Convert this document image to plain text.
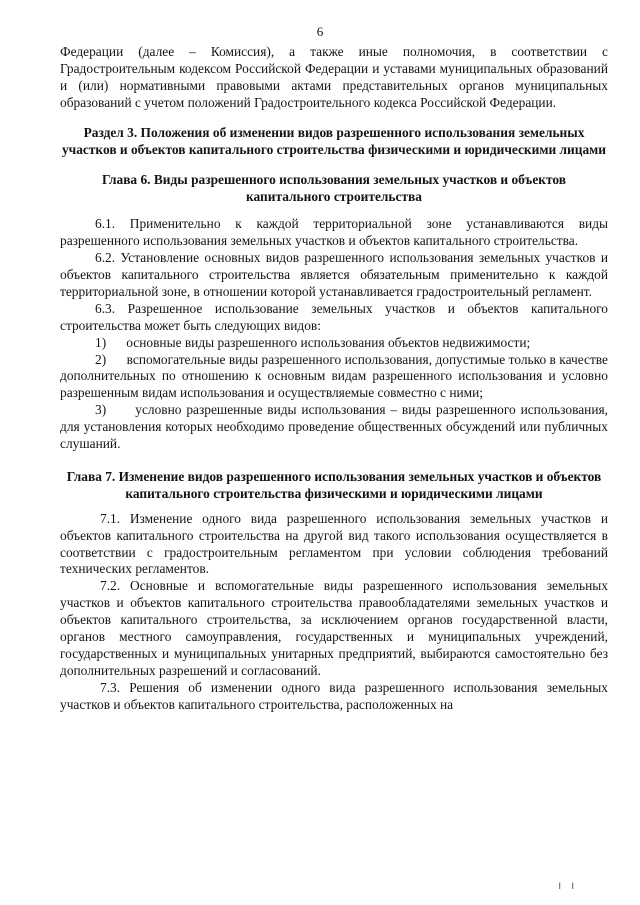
6

Федерации (далее – Комиссия), а также иные полномочия, в соответствии с Градостроительным кодексом Российской Федерации и уставами муниципальных образований и (или) нормативными правовыми актами представительных органов муниципальных образований с учетом положений Градостроительного кодекса Российской Федерации.

Раздел 3. Положения об изменении видов разрешенного использования земельных участков и объектов капитального строительства физическими и юридическими лицами
Глава 6. Виды разрешенного использования земельных участков и объектов капитального строительства

6.1. Применительно к каждой территориальной зоне устанавливаются виды разрешенного использования земельных участков и объектов капитального строительства.

6.2. Установление основных видов разрешенного использования земельных участков и объектов капитального строительства является обязательным применительно к каждой территориальной зоне, в отношении которой устанавливается градостроительный регламент.

6.3. Разрешенное использование земельных участков и объектов капитального строительства может быть следующих видов:

1) основные виды разрешенного использования объектов недвижимости;

2) вспомогательные виды разрешенного использования, допустимые только в качестве дополнительных по отношению к основным видам разрешенного использования и условно разрешенным видам использования и осуществляемые совместно с ними;

3) условно разрешенные виды использования – виды разрешенного использования, для установления которых необходимо проведение общественных обсуждений или публичных слушаний.

Глава 7. Изменение видов разрешенного использования земельных участков и объектов капитального строительства физическими и юридическими лицами

7.1. Изменение одного вида разрешенного использования земельных участков и объектов капитального строительства на другой вид такого использования осуществляется в соответствии с градостроительным регламентом при условии соблюдения требований технических регламентов.

7.2. Основные и вспомогательные виды разрешенного использования земельных участков и объектов капитального строительства правообладателями земельных участков и объектов капитального строительства, за исключением органов государственной власти, органов местного самоуправления, государственных и муниципальных учреждений, государственных и муниципальных унитарных предприятий, выбираются самостоятельно без дополнительных разрешений и согласований.

7.3. Решения об изменении одного вида разрешенного использования земельных участков и объектов капитального строительства, расположенных на

I I
